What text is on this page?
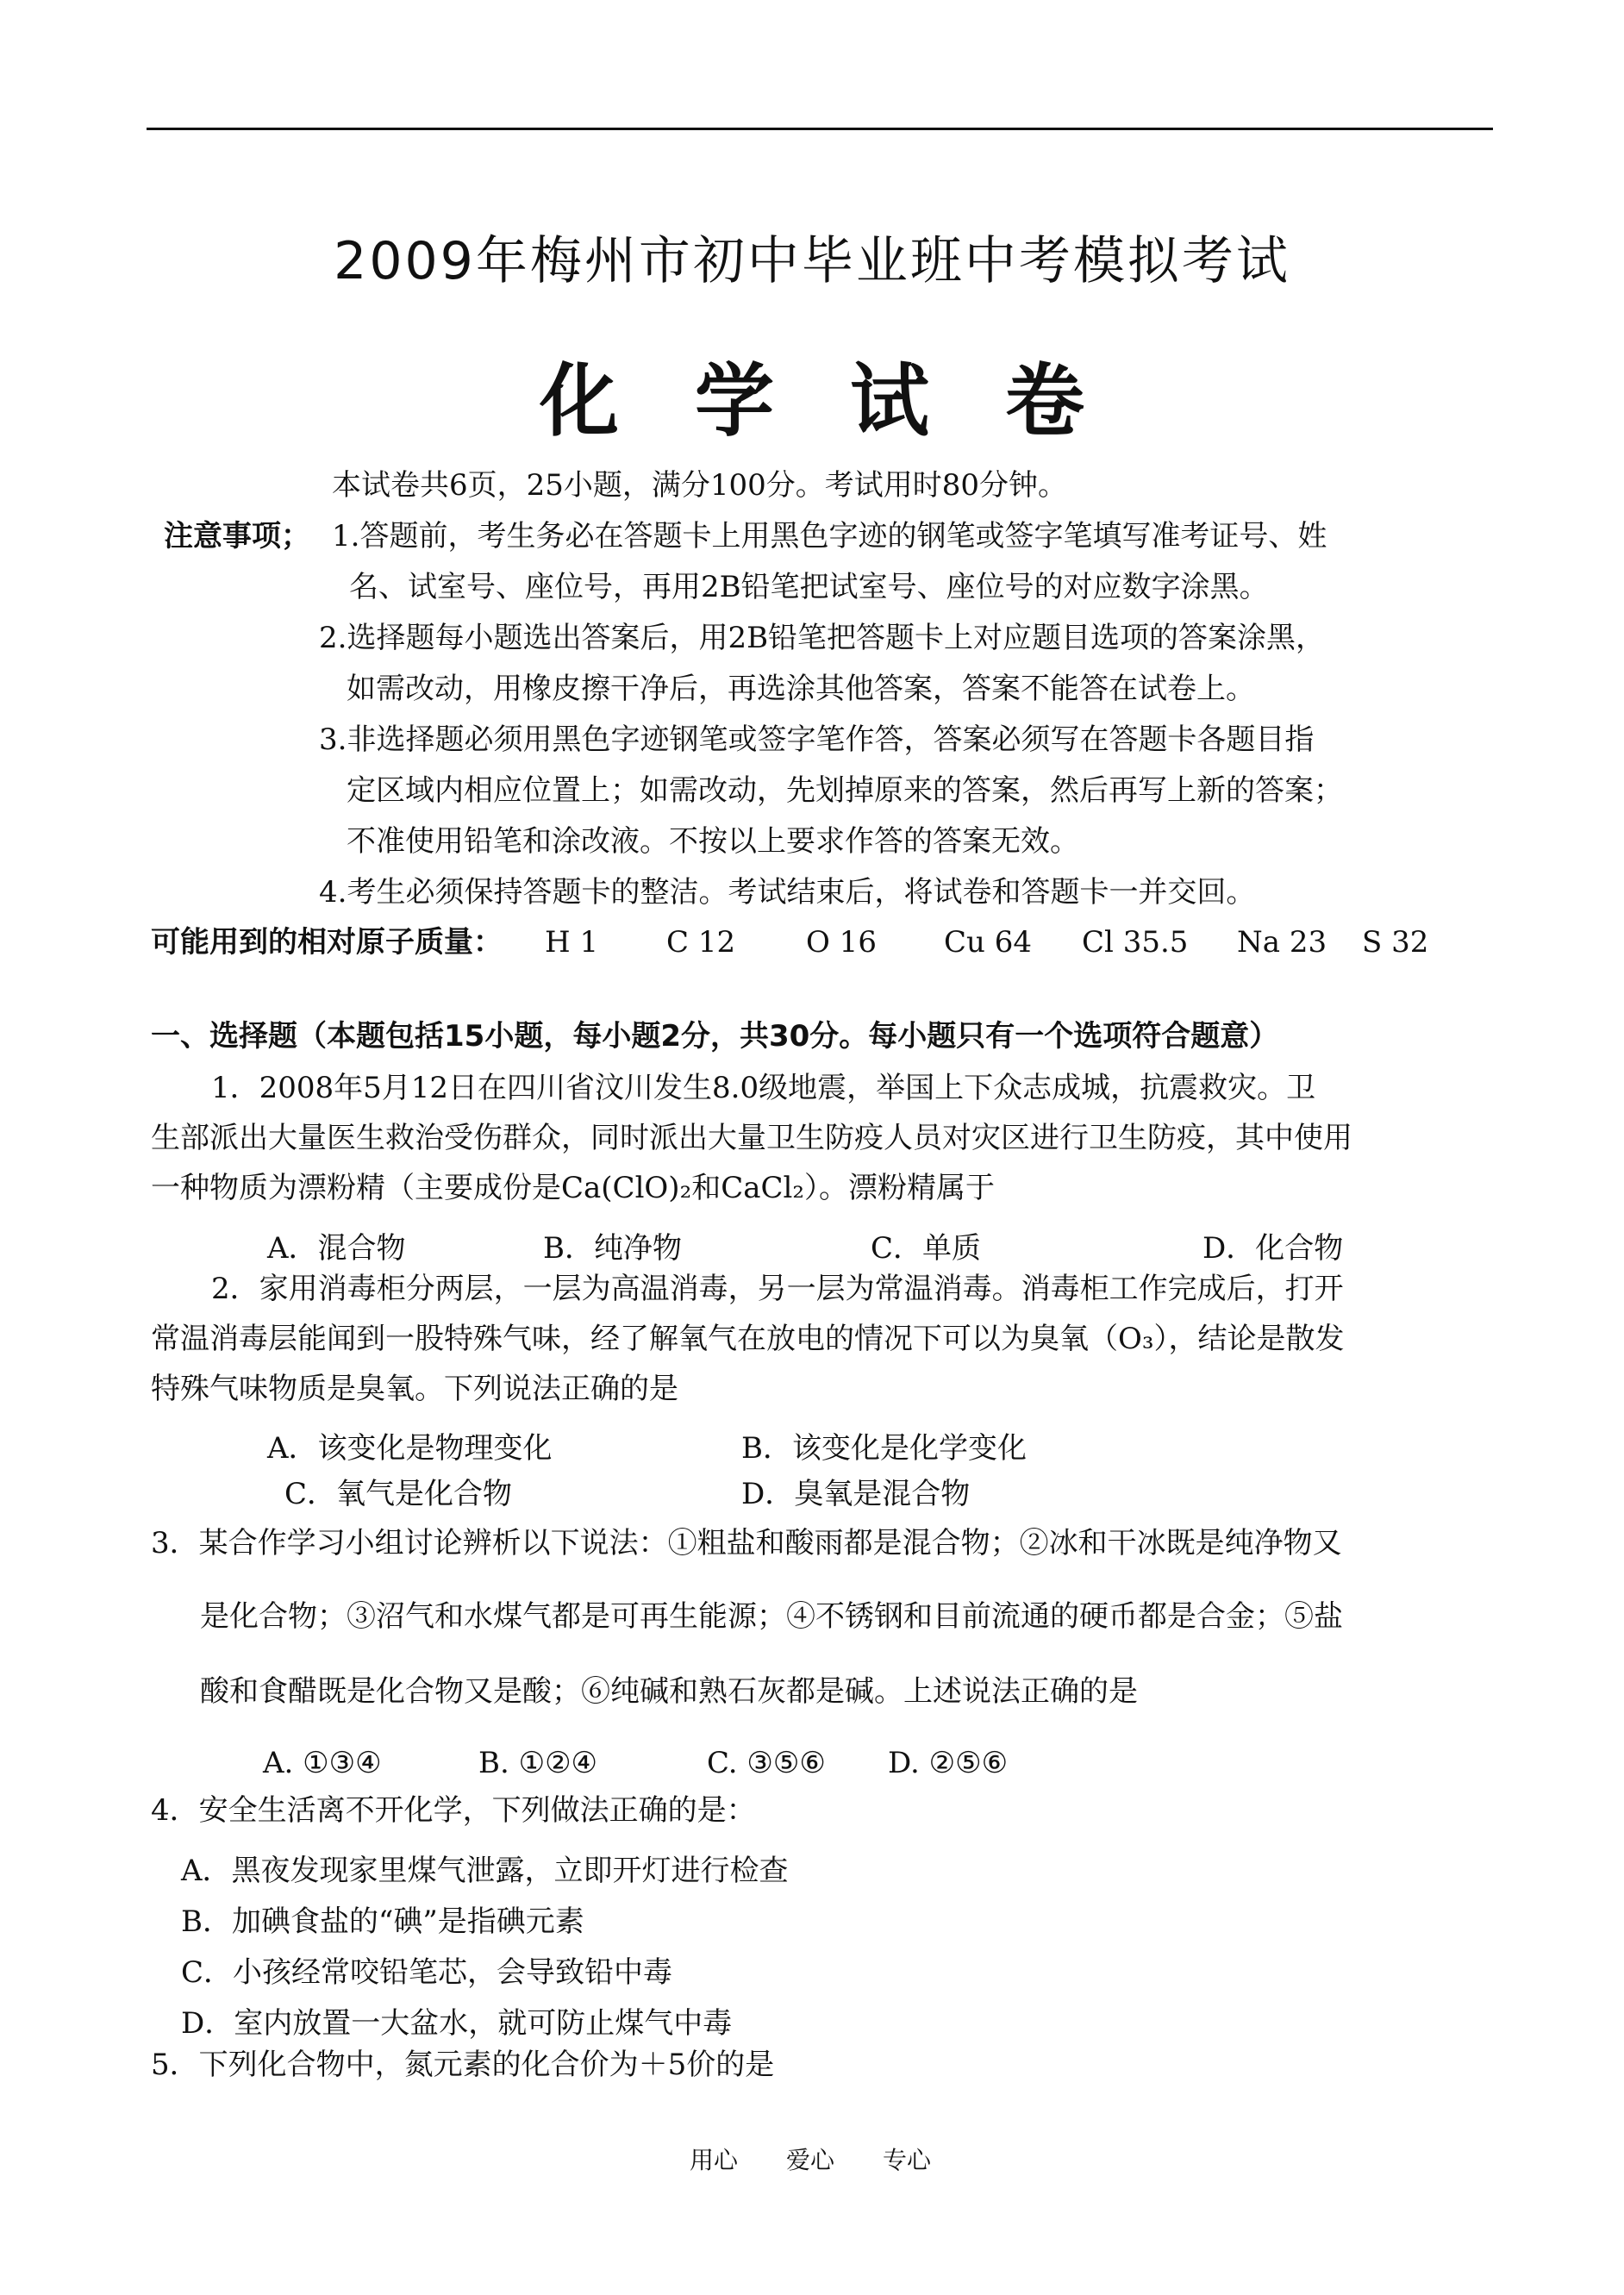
2009年梅州市初中毕业班中考模拟考试
化学试卷
本试卷共6页，25小题，满分100分。考试用时80分钟。
注意事项； 1.答题前，考生务必在答题卡上用黑色字迹的钢笔或签字笔填写准考证号、姓
名、试室号、座位号，再用2B铅笔把试室号、座位号的对应数字涂黑。
2.选择题每小题选出答案后，用2B铅笔把答题卡上对应题目选项的答案涂黑，
如需改动，用橡皮擦干净后，再选涂其他答案，答案不能答在试卷上。
3.非选择题必须用黑色字迹钢笔或签字笔作答，答案必须写在答题卡各题目指
定区域内相应位置上；如需改动，先划掉原来的答案，然后再写上新的答案；
不准使用铅笔和涂改液。不按以上要求作答的答案无效。
4.考生必须保持答题卡的整洁。考试结束后，将试卷和答题卡一并交回。
可能用到的相对原子质量： H 1 C 12 O 16 Cu 64 Cl 35.5 Na 23 S 32
一、选择题（本题包括15小题，每小题2分，共30分。每小题只有一个选项符合题意）
1．2008年5月12日在四川省汶川发生8.0级地震，举国上下众志成城，抗震救灾。卫
生部派出大量医生救治受伤群众，同时派出大量卫生防疫人员对灾区进行卫生防疫，其中使用
一种物质为漂粉精（主要成份是Ca(ClO)₂和CaCl₂）。漂粉精属于
A．混合物	B．纯净物	C．单质	D．化合物
2．家用消毒柜分两层，一层为高温消毒，另一层为常温消毒。消毒柜工作完成后，打开
常温消毒层能闻到一股特殊气味，经了解氧气在放电的情况下可以为臭氧（O₃），结论是散发
特殊气味物质是臭氧。下列说法正确的是
A．该变化是物理变化	B．该变化是化学变化
C．氧气是化合物	D．臭氧是混合物
3．某合作学习小组讨论辨析以下说法：①粗盐和酸雨都是混合物；②冰和干冰既是纯净物又
是化合物；③沼气和水煤气都是可再生能源；④不锈钢和目前流通的硬币都是合金；⑤盐
酸和食醋既是化合物又是酸；⑥纯碱和熟石灰都是碱。上述说法正确的是
A. ①③④	B. ①②④	C. ③⑤⑥ D. ②⑤⑥
4．安全生活离不开化学，下列做法正确的是：
A．黑夜发现家里煤气泄露，立即开灯进行检查
B．加碘食盐的“碘”是指碘元素
C．小孩经常咬铅笔芯，会导致铅中毒
D．室内放置一大盆水，就可防止煤气中毒
5．下列化合物中，氮元素的化合价为＋5价的是
用心 爱心 专心
